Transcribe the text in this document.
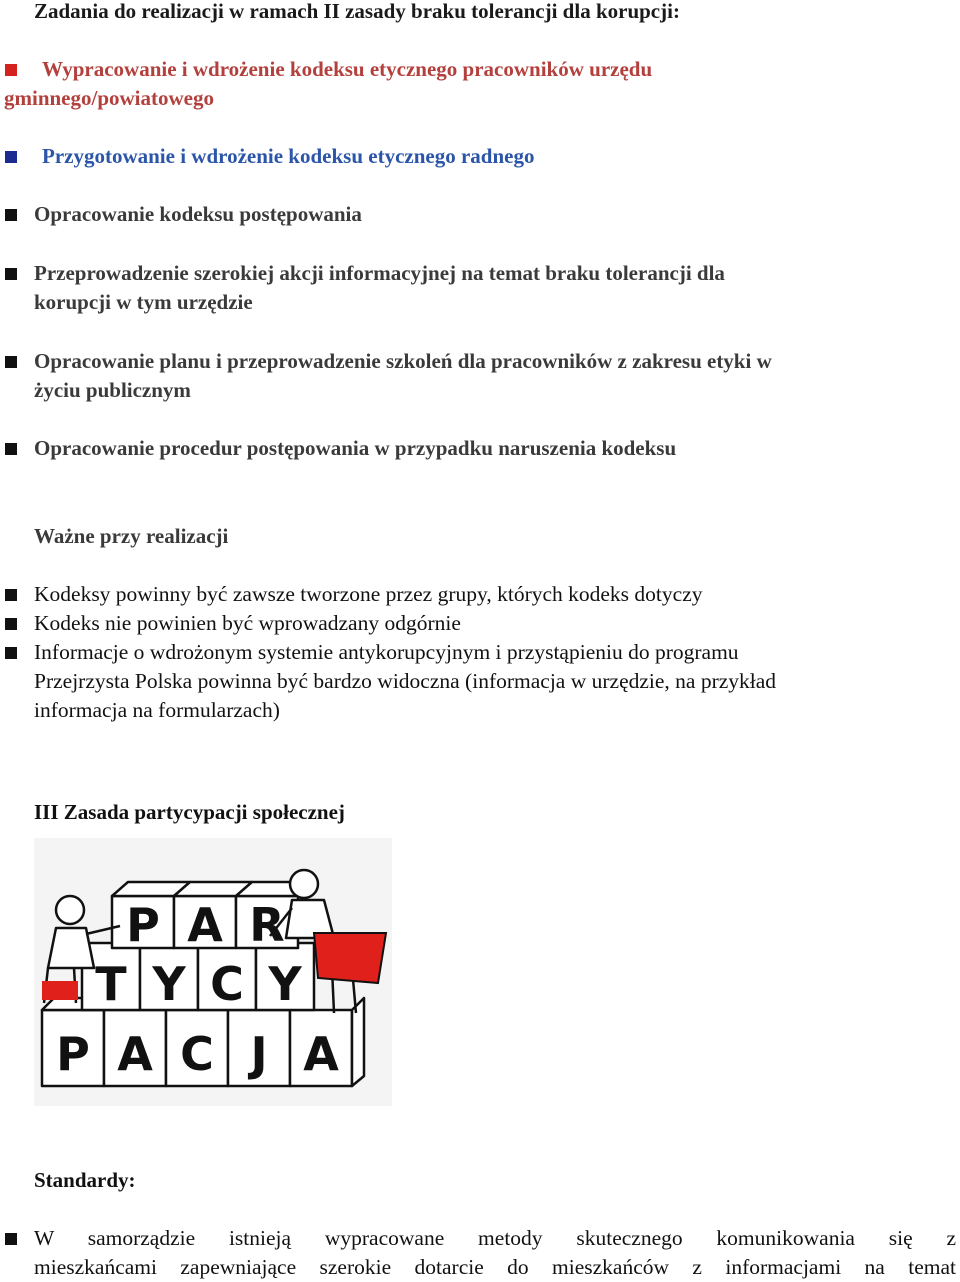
Zadania do realizacji w ramach II zasady braku tolerancji dla korupcji:
Wypracowanie i wdrożenie kodeksu etycznego pracowników urzędu
gminnego/powiatowego
Przygotowanie i wdrożenie kodeksu etycznego radnego
Opracowanie kodeksu postępowania
Przeprowadzenie szerokiej akcji informacyjnej na temat braku tolerancji dla
korupcji w tym urzędzie
Opracowanie planu i przeprowadzenie szkoleń dla pracowników z zakresu etyki w
życiu publicznym
Opracowanie procedur postępowania w przypadku naruszenia kodeksu
Ważne przy realizacji
Kodeksy powinny być zawsze tworzone przez grupy, których kodeks dotyczy
Kodeks nie powinien być wprowadzany odgórnie
Informacje o wdrożonym systemie antykorupcyjnym i przystąpieniu do programu
Przejrzysta Polska powinna być bardzo widoczna (informacja w urzędzie, na przykład
informacja na formularzach)
III Zasada partycypacji społecznej
P A R
T Y C Y
P A C J A
Standardy:
W samorządzie istnieją wypracowane metody skutecznego komunikowania się z
mieszkańcami zapewniające szerokie dotarcie do mieszkańców z informacjami na temat
